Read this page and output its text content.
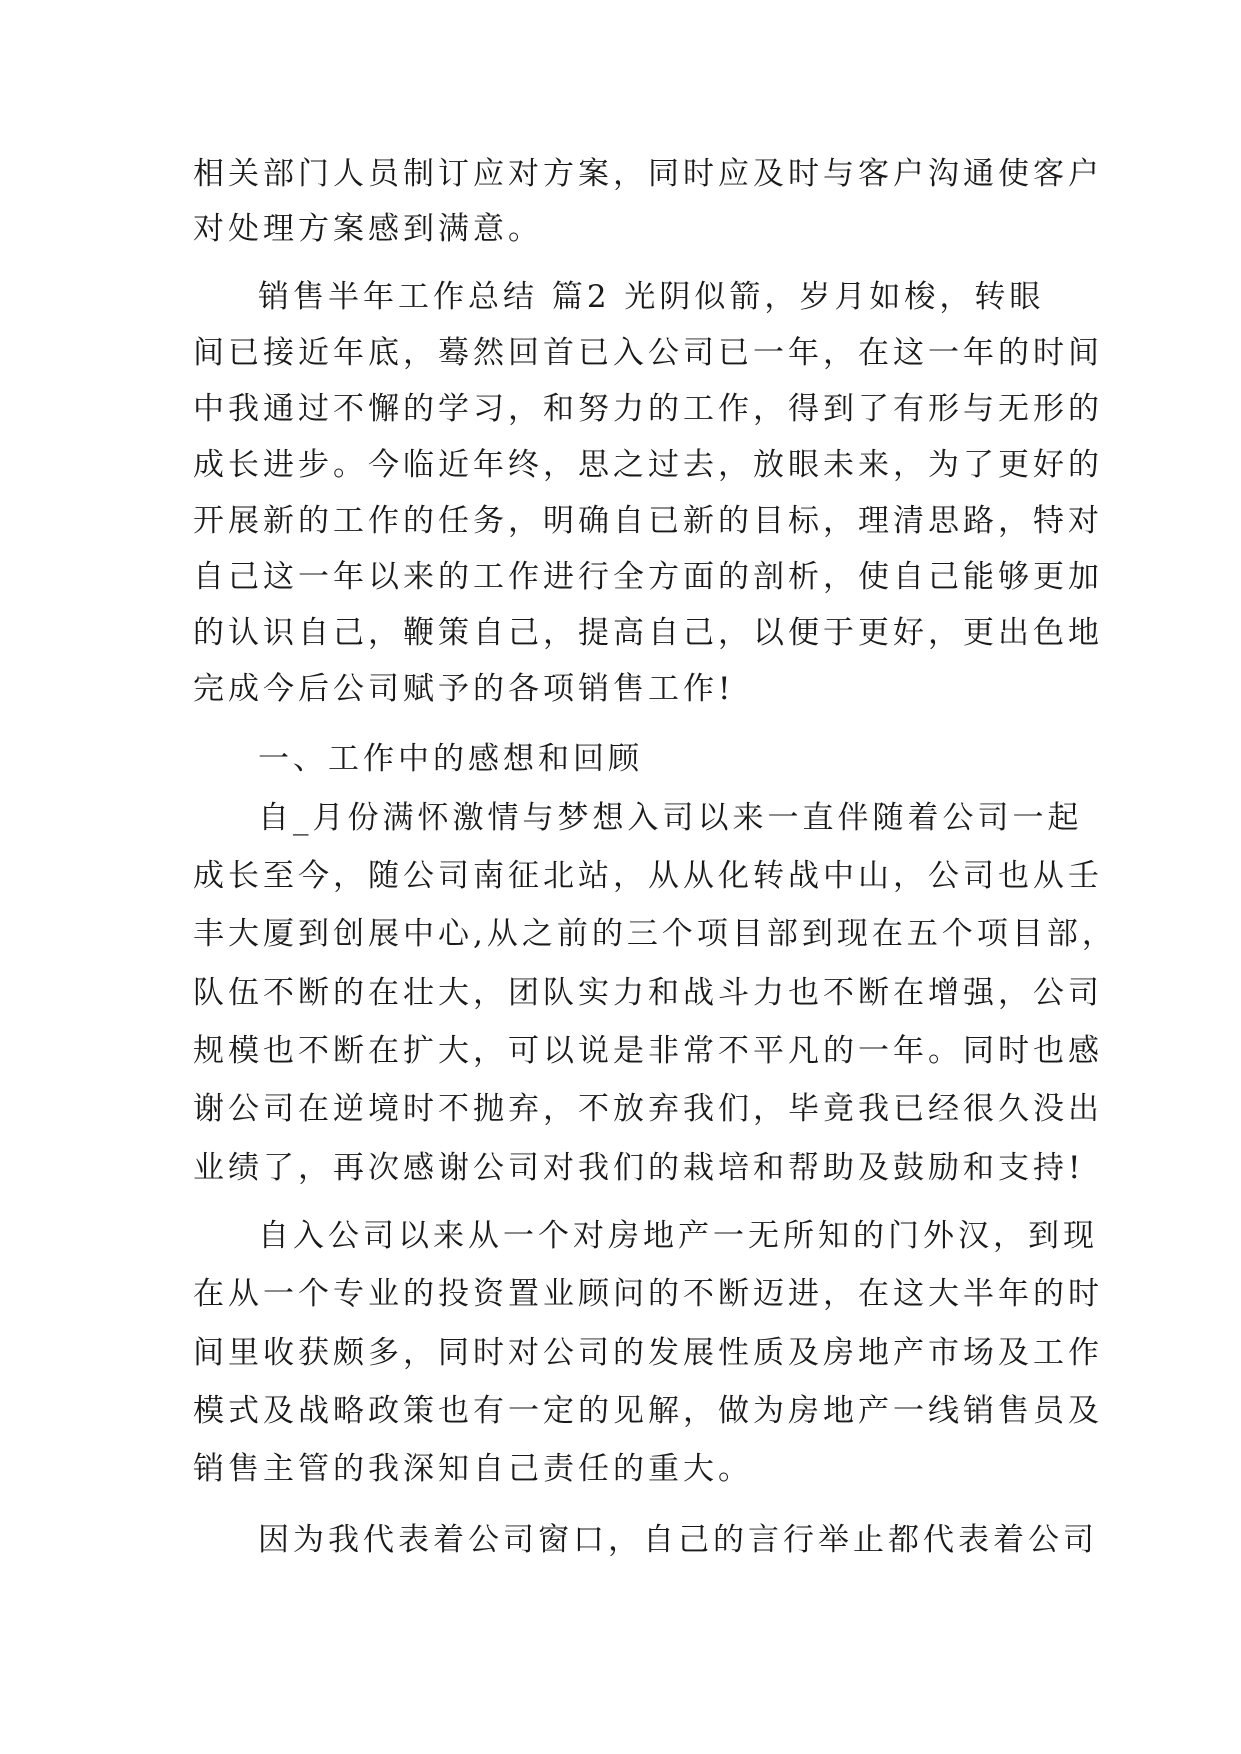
相关部门人员制订应对方案，同时应及时与客户沟通使客户
对处理方案感到满意。
销售半年工作总结 篇2 光阴似箭，岁月如梭，转眼
间已接近年底，蓦然回首已入公司已一年，在这一年的时间
中我通过不懈的学习，和努力的工作，得到了有形与无形的
成长进步。今临近年终，思之过去，放眼未来，为了更好的
开展新的工作的任务，明确自已新的目标，理清思路，特对
自己这一年以来的工作进行全方面的剖析，使自己能够更加
的认识自己，鞭策自己，提高自己，以便于更好，更出色地
完成今后公司赋予的各项销售工作!
一、工作中的感想和回顾
自_月份满怀激情与梦想入司以来一直伴随着公司一起
成长至今，随公司南征北站，从从化转战中山，公司也从壬
丰大厦到创展中心,从之前的三个项目部到现在五个项目部，
队伍不断的在壮大，团队实力和战斗力也不断在增强，公司
规模也不断在扩大，可以说是非常不平凡的一年。同时也感
谢公司在逆境时不抛弃，不放弃我们，毕竟我已经很久没出
业绩了，再次感谢公司对我们的栽培和帮助及鼓励和支持!
自入公司以来从一个对房地产一无所知的门外汉，到现
在从一个专业的投资置业顾问的不断迈进，在这大半年的时
间里收获颇多，同时对公司的发展性质及房地产市场及工作
模式及战略政策也有一定的见解，做为房地产一线销售员及
销售主管的我深知自己责任的重大。
因为我代表着公司窗口，自己的言行举止都代表着公司
